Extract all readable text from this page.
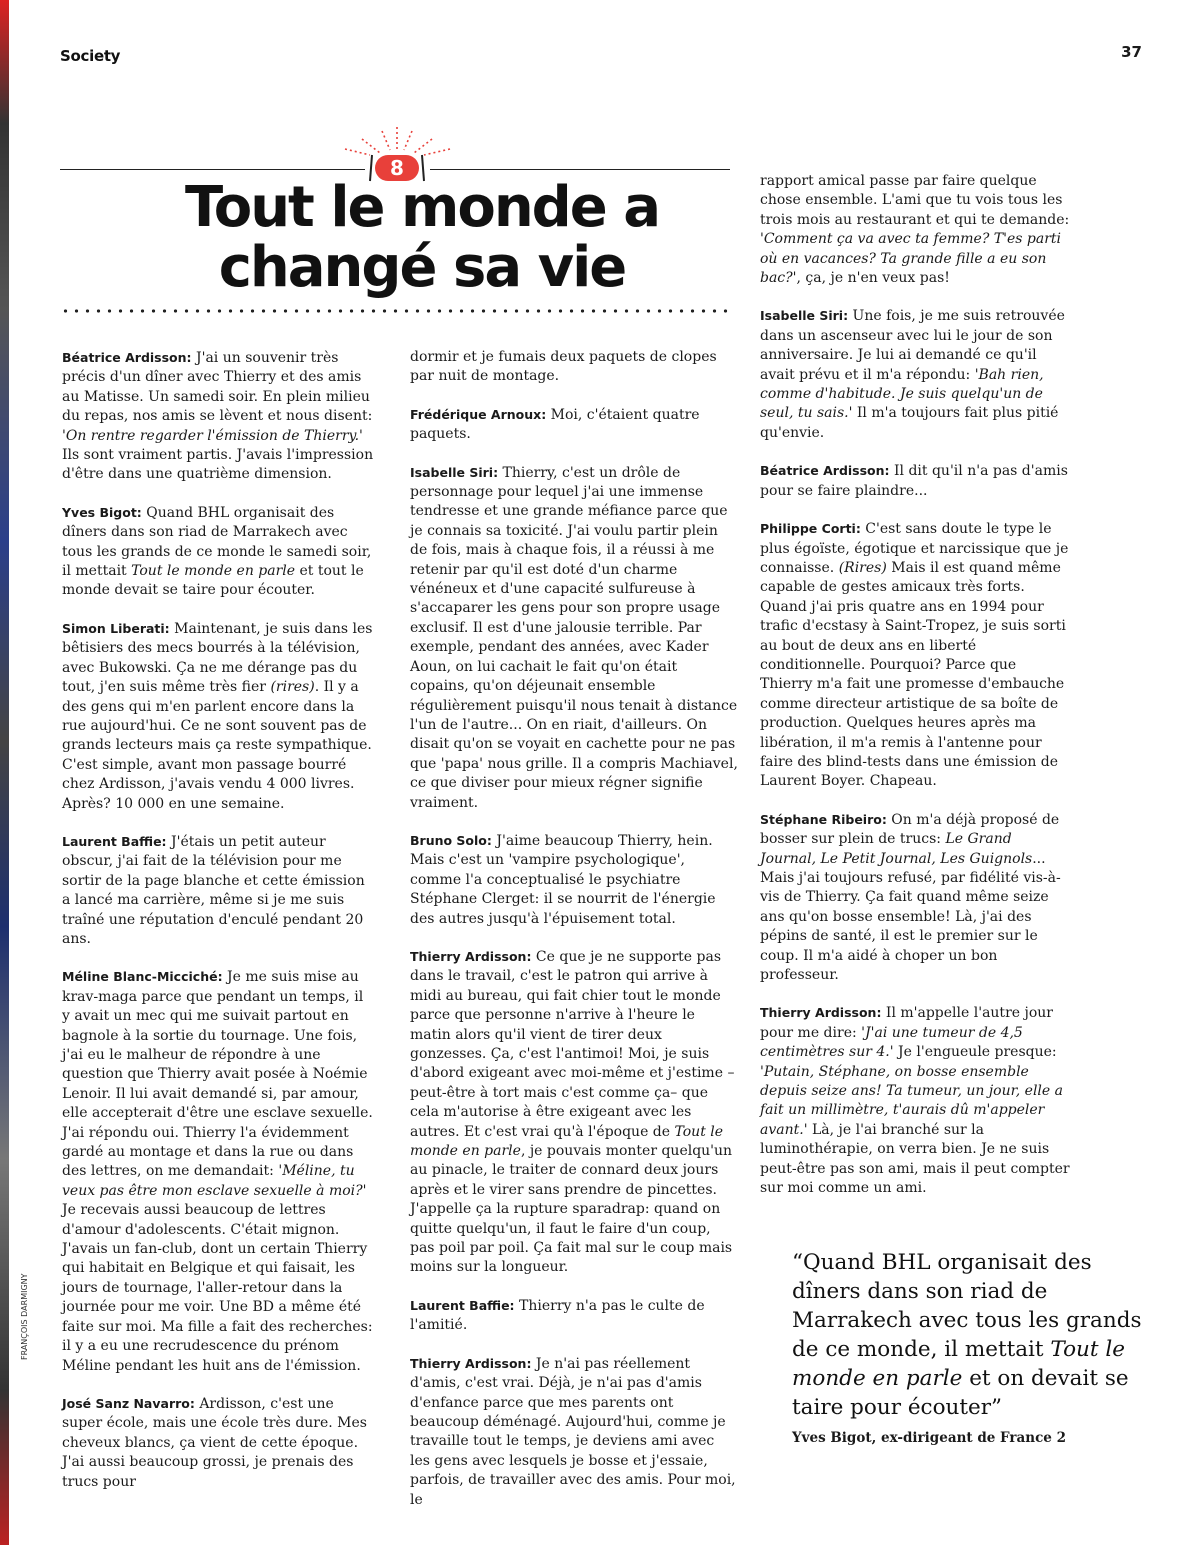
Society	37
8
Tout le monde a changé sa vie

Béatrice Ardisson: J'ai un souvenir très précis d'un dîner avec Thierry et des amis au Matisse. Un samedi soir. En plein milieu du repas, nos amis se lèvent et nous disent: 'On rentre regarder l'émission de Thierry.' Ils sont vraiment partis. J'avais l'impression d'être dans une quatrième dimension.

Yves Bigot: Quand BHL organisait des dîners dans son riad de Marrakech avec tous les grands de ce monde le samedi soir, il mettait Tout le monde en parle et tout le monde devait se taire pour écouter.

Simon Liberati: Maintenant, je suis dans les bêtisiers des mecs bourrés à la télévision, avec Bukowski. Ça ne me dérange pas du tout, j'en suis même très fier (rires). Il y a des gens qui m'en parlent encore dans la rue aujourd'hui. Ce ne sont souvent pas de grands lecteurs mais ça reste sympathique. C'est simple, avant mon passage bourré chez Ardisson, j'avais vendu 4 000 livres. Après? 10 000 en une semaine.

Laurent Baffie: J'étais un petit auteur obscur, j'ai fait de la télévision pour me sortir de la page blanche et cette émission a lancé ma carrière, même si je me suis traîné une réputation d'enculé pendant 20 ans.

Méline Blanc-Micciché: Je me suis mise au krav-maga parce que pendant un temps, il y avait un mec qui me suivait partout en bagnole à la sortie du tournage. Une fois, j'ai eu le malheur de répondre à une question que Thierry avait posée à Noémie Lenoir. Il lui avait demandé si, par amour, elle accepterait d'être une esclave sexuelle. J'ai répondu oui. Thierry l'a évidemment gardé au montage et dans la rue ou dans des lettres, on me demandait: 'Méline, tu veux pas être mon esclave sexuelle à moi?' Je recevais aussi beaucoup de lettres d'amour d'adolescents. C'était mignon. J'avais un fan-club, dont un certain Thierry qui habitait en Belgique et qui faisait, les jours de tournage, l'aller-retour dans la journée pour me voir. Une BD a même été faite sur moi. Ma fille a fait des recherches: il y a eu une recrudescence du prénom Méline pendant les huit ans de l'émission.

José Sanz Navarro: Ardisson, c'est une super école, mais une école très dure. Mes cheveux blancs, ça vient de cette époque. J'ai aussi beaucoup grossi, je prenais des trucs pour

dormir et je fumais deux paquets de clopes par nuit de montage.

Frédérique Arnoux: Moi, c'étaient quatre paquets.

Isabelle Siri: Thierry, c'est un drôle de personnage pour lequel j'ai une immense tendresse et une grande méfiance parce que je connais sa toxicité. J'ai voulu partir plein de fois, mais à chaque fois, il a réussi à me retenir par qu'il est doté d'un charme vénéneux et d'une capacité sulfureuse à s'accaparer les gens pour son propre usage exclusif. Il est d'une jalousie terrible. Par exemple, pendant des années, avec Kader Aoun, on lui cachait le fait qu'on était copains, qu'on déjeunait ensemble régulièrement puisqu'il nous tenait à distance l'un de l'autre... On en riait, d'ailleurs. On disait qu'on se voyait en cachette pour ne pas que 'papa' nous grille. Il a compris Machiavel, ce que diviser pour mieux régner signifie vraiment.

Bruno Solo: J'aime beaucoup Thierry, hein. Mais c'est un 'vampire psychologique', comme l'a conceptualisé le psychiatre Stéphane Clerget: il se nourrit de l'énergie des autres jusqu'à l'épuisement total.

Thierry Ardisson: Ce que je ne supporte pas dans le travail, c'est le patron qui arrive à midi au bureau, qui fait chier tout le monde parce que personne n'arrive à l'heure le matin alors qu'il vient de tirer deux gonzesses. Ça, c'est l'antimoi! Moi, je suis d'abord exigeant avec moi-même et j'estime –peut-être à tort mais c'est comme ça– que cela m'autorise à être exigeant avec les autres. Et c'est vrai qu'à l'époque de Tout le monde en parle, je pouvais monter quelqu'un au pinacle, le traiter de connard deux jours après et le virer sans prendre de pincettes. J'appelle ça la rupture sparadrap: quand on quitte quelqu'un, il faut le faire d'un coup, pas poil par poil. Ça fait mal sur le coup mais moins sur la longueur.

Laurent Baffie: Thierry n'a pas le culte de l'amitié.

Thierry Ardisson: Je n'ai pas réellement d'amis, c'est vrai. Déjà, je n'ai pas d'amis d'enfance parce que mes parents ont beaucoup déménagé. Aujourd'hui, comme je travaille tout le temps, je deviens ami avec les gens avec lesquels je bosse et j'essaie, parfois, de travailler avec des amis. Pour moi, le

rapport amical passe par faire quelque chose ensemble. L'ami que tu vois tous les trois mois au restaurant et qui te demande: 'Comment ça va avec ta femme? T'es parti où en vacances? Ta grande fille a eu son bac?', ça, je n'en veux pas!

Isabelle Siri: Une fois, je me suis retrouvée dans un ascenseur avec lui le jour de son anniversaire. Je lui ai demandé ce qu'il avait prévu et il m'a répondu: 'Bah rien, comme d'habitude. Je suis quelqu'un de seul, tu sais.' Il m'a toujours fait plus pitié qu'envie.

Béatrice Ardisson: Il dit qu'il n'a pas d'amis pour se faire plaindre...

Philippe Corti: C'est sans doute le type le plus égoïste, égotique et narcissique que je connaisse. (Rires) Mais il est quand même capable de gestes amicaux très forts. Quand j'ai pris quatre ans en 1994 pour trafic d'ecstasy à Saint-Tropez, je suis sorti au bout de deux ans en liberté conditionnelle. Pourquoi? Parce que Thierry m'a fait une promesse d'embauche comme directeur artistique de sa boîte de production. Quelques heures après ma libération, il m'a remis à l'antenne pour faire des blind-tests dans une émission de Laurent Boyer. Chapeau.

Stéphane Ribeiro: On m'a déjà proposé de bosser sur plein de trucs: Le Grand Journal, Le Petit Journal, Les Guignols... Mais j'ai toujours refusé, par fidélité vis-à-vis de Thierry. Ça fait quand même seize ans qu'on bosse ensemble! Là, j'ai des pépins de santé, il est le premier sur le coup. Il m'a aidé à choper un bon professeur.

Thierry Ardisson: Il m'appelle l'autre jour pour me dire: 'J'ai une tumeur de 4,5 centimètres sur 4.' Je l'engueule presque: 'Putain, Stéphane, on bosse ensemble depuis seize ans! Ta tumeur, un jour, elle a fait un millimètre, t'aurais dû m'appeler avant.' Là, je l'ai branché sur la luminothérapie, on verra bien. Je ne suis peut-être pas son ami, mais il peut compter sur moi comme un ami.

“Quand BHL organisait des dîners dans son riad de Marrakech avec tous les grands de ce monde, il mettait Tout le monde en parle et on devait se taire pour écouter”
Yves Bigot, ex-dirigeant de France 2
FRANÇOIS DARMIGNY
